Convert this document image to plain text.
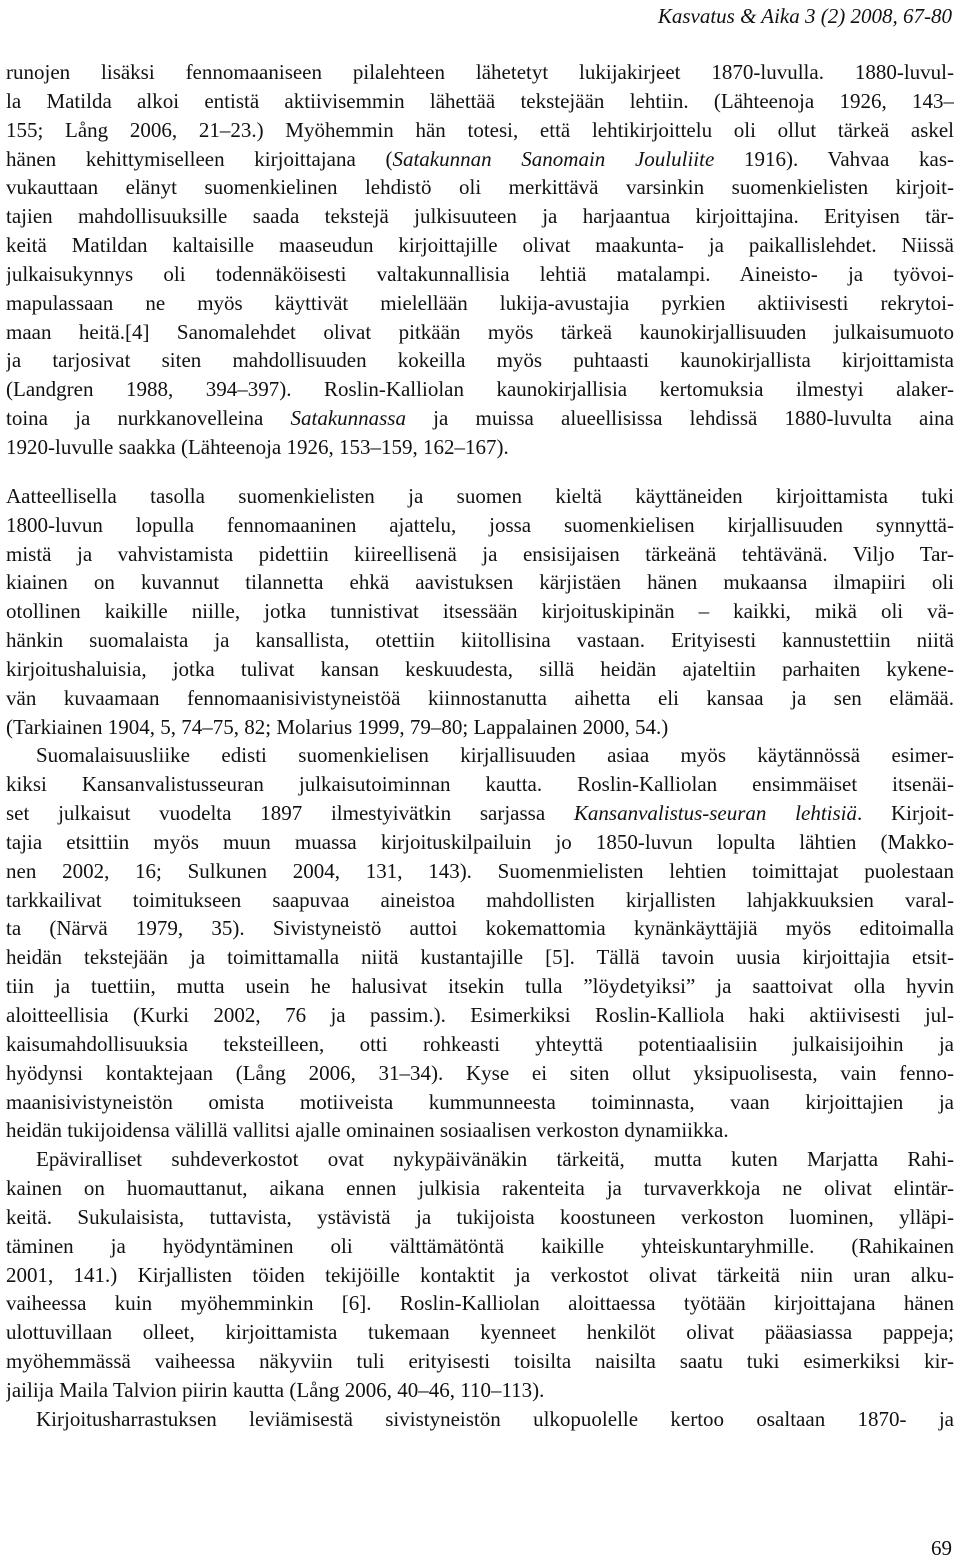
Kasvatus & Aika 3 (2) 2008, 67-80

runojen lisäksi fennomaaniseen pilalehteen lähetetyt lukijakirjeet 1870-luvulla. 1880-luvul-
la Matilda alkoi entistä aktiivisemmin lähettää tekstejään lehtiin. (Lähteenoja 1926, 143–
155; Lång 2006, 21–23.) Myöhemmin hän totesi, että lehtikirjoittelu oli ollut tärkeä askel
hänen kehittymiselleen kirjoittajana (Satakunnan Sanomain Joululiite 1916). Vahvaa kas-
vukauttaan elänyt suomenkielinen lehdistö oli merkittävä varsinkin suomenkielisten kirjoit-
tajien mahdollisuuksille saada tekstejä julkisuuteen ja harjaantua kirjoittajina. Erityisen tär-
keitä Matildan kaltaisille maaseudun kirjoittajille olivat maakunta- ja paikallislehdet. Niissä
julkaisukynnys oli todennäköisesti valtakunnallisia lehtiä matalampi. Aineisto- ja työvoi-
mapulassaan ne myös käyttivät mielellään lukija-avustajia pyrkien aktiivisesti rekrytoi-
maan heitä.[4] Sanomalehdet olivat pitkään myös tärkeä kaunokirjallisuuden julkaisumuoto
ja tarjosivat siten mahdollisuuden kokeilla myös puhtaasti kaunokirjallista kirjoittamista
(Landgren 1988, 394–397). Roslin-Kalliolan kaunokirjallisia kertomuksia ilmestyi alaker-
toina ja nurkkanovelleina Satakunnassa ja muissa alueellisissa lehdissä 1880-luvulta aina
1920-luvulle saakka (Lähteenoja 1926, 153–159, 162–167).

Aatteellisella tasolla suomenkielisten ja suomen kieltä käyttäneiden kirjoittamista tuki
1800-luvun lopulla fennomaaninen ajattelu, jossa suomenkielisen kirjallisuuden synnyttä-
mistä ja vahvistamista pidettiin kiireellisenä ja ensisijaisen tärkeänä tehtävänä. Viljo Tar-
kiainen on kuvannut tilannetta ehkä aavistuksen kärjistäen hänen mukaansa ilmapiiri oli
otollinen kaikille niille, jotka tunnistivat itsessään kirjoituskipinän – kaikki, mikä oli vä-
hänkin suomalaista ja kansallista, otettiin kiitollisina vastaan. Erityisesti kannustettiin niitä
kirjoitushaluisia, jotka tulivat kansan keskuudesta, sillä heidän ajateltiin parhaiten kykene-
vän kuvaamaan fennomaanisivistyneistöä kiinnostanutta aihetta eli kansaa ja sen elämää.
(Tarkiainen 1904, 5, 74–75, 82; Molarius 1999, 79–80; Lappalainen 2000, 54.)

Suomalaisuusliike edisti suomenkielisen kirjallisuuden asiaa myös käytännössä esimer-
kiksi Kansanvalistusseuran julkaisutoiminnan kautta. Roslin-Kalliolan ensimmäiset itsenäi-
set julkaisut vuodelta 1897 ilmestyivätkin sarjassa Kansanvalistus-seuran lehtisiä. Kirjoit-
tajia etsittiin myös muun muassa kirjoituskilpailuin jo 1850-luvun lopulta lähtien (Makko-
nen 2002, 16; Sulkunen 2004, 131, 143). Suomenmielisten lehtien toimittajat puolestaan
tarkkailivat toimitukseen saapuvaa aineistoa mahdollisten kirjallisten lahjakkuuksien varal-
ta (Närvä 1979, 35). Sivistyneistö auttoi kokemattomia kynänkäyttäjiä myös editoimalla
heidän tekstejään ja toimittamalla niitä kustantajille [5]. Tällä tavoin uusia kirjoittajia etsit-
tiin ja tuettiin, mutta usein he halusivat itsekin tulla ”löydetyiksi” ja saattoivat olla hyvin
aloitteellisia (Kurki 2002, 76 ja passim.). Esimerkiksi Roslin-Kalliola haki aktiivisesti jul-
kaisumahdollisuuksia teksteilleen, otti rohkeasti yhteyttä potentiaalisiin julkaisijoihin ja
hyödynsi kontaktejaan (Lång 2006, 31–34). Kyse ei siten ollut yksipuolisesta, vain fenno-
maanisivistyneistön omista motiiveista kummunneesta toiminnasta, vaan kirjoittajien ja
heidän tukijoidensa välillä vallitsi ajalle ominainen sosiaalisen verkoston dynamiikka.

Epäviralliset suhdeverkostot ovat nykypäivänäkin tärkeitä, mutta kuten Marjatta Rahi-
kainen on huomauttanut, aikana ennen julkisia rakenteita ja turvaverkkoja ne olivat elintär-
keitä. Sukulaisista, tuttavista, ystävistä ja tukijoista koostuneen verkoston luominen, ylläpi-
täminen ja hyödyntäminen oli välttämätöntä kaikille yhteiskuntaryhmille. (Rahikainen
2001, 141.) Kirjallisten töiden tekijöille kontaktit ja verkostot olivat tärkeitä niin uran alku-
vaiheessa kuin myöhemminkin [6]. Roslin-Kalliolan aloittaessa työtään kirjoittajana hänen
ulottuvillaan olleet, kirjoittamista tukemaan kyenneet henkilöt olivat pääasiassa pappeja;
myöhemmässä vaiheessa näkyviin tuli erityisesti toisilta naisilta saatu tuki esimerkiksi kir-
jailija Maila Talvion piirin kautta (Lång 2006, 40–46, 110–113).

Kirjoitusharrastuksen leviämisestä sivistyneistön ulkopuolelle kertoo osaltaan 1870- ja

69
